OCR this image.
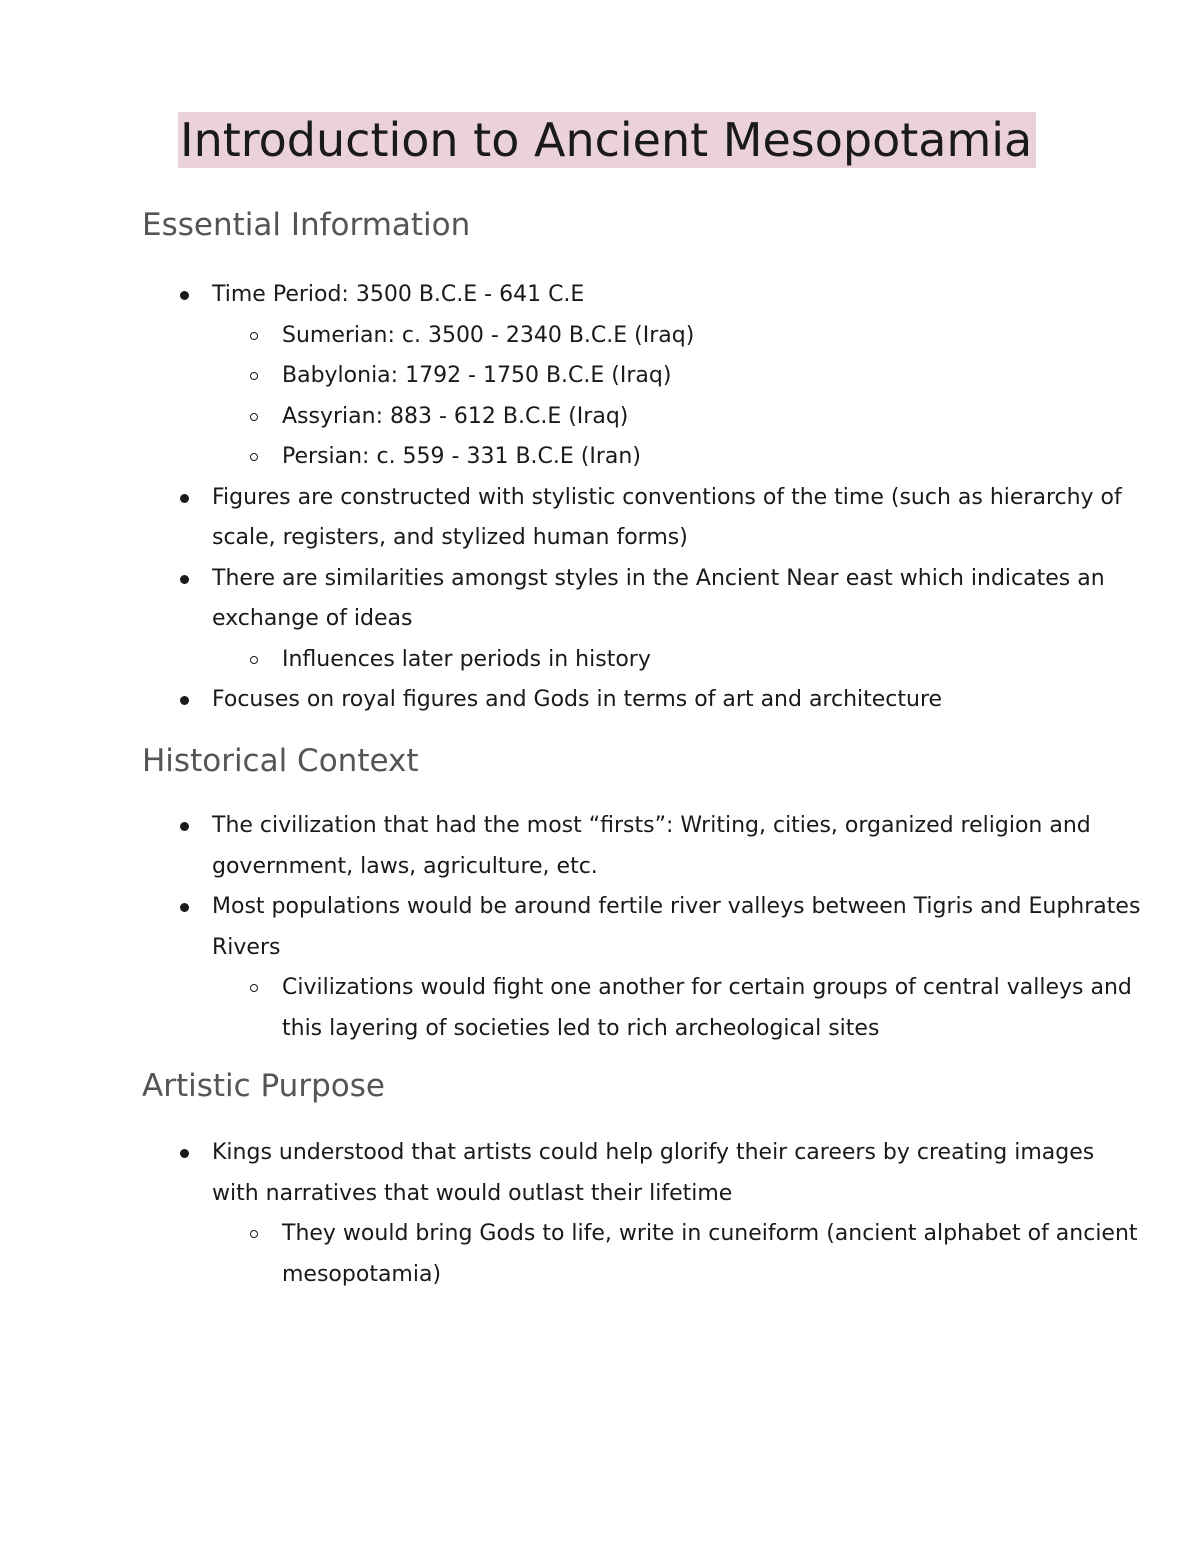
Introduction to Ancient Mesopotamia
Essential Information
Time Period: 3500 B.C.E - 641 C.E
Sumerian: c. 3500 - 2340 B.C.E (Iraq)
Babylonia: 1792 - 1750 B.C.E (Iraq)
Assyrian: 883 - 612 B.C.E (Iraq)
Persian: c. 559 - 331 B.C.E (Iran)
Figures are constructed with stylistic conventions of the time (such as hierarchy of scale, registers, and stylized human forms)
There are similarities amongst styles in the Ancient Near east which indicates an exchange of ideas
Influences later periods in history
Focuses on royal figures and Gods in terms of art and architecture
Historical Context
The civilization that had the most “firsts”: Writing, cities, organized religion and government, laws, agriculture, etc.
Most populations would be around fertile river valleys between Tigris and Euphrates Rivers
Civilizations would fight one another for certain groups of central valleys and this layering of societies led to rich archeological sites
Artistic Purpose
Kings understood that artists could help glorify their careers by creating images with narratives that would outlast their lifetime
They would bring Gods to life, write in cuneiform (ancient alphabet of ancient mesopotamia)
